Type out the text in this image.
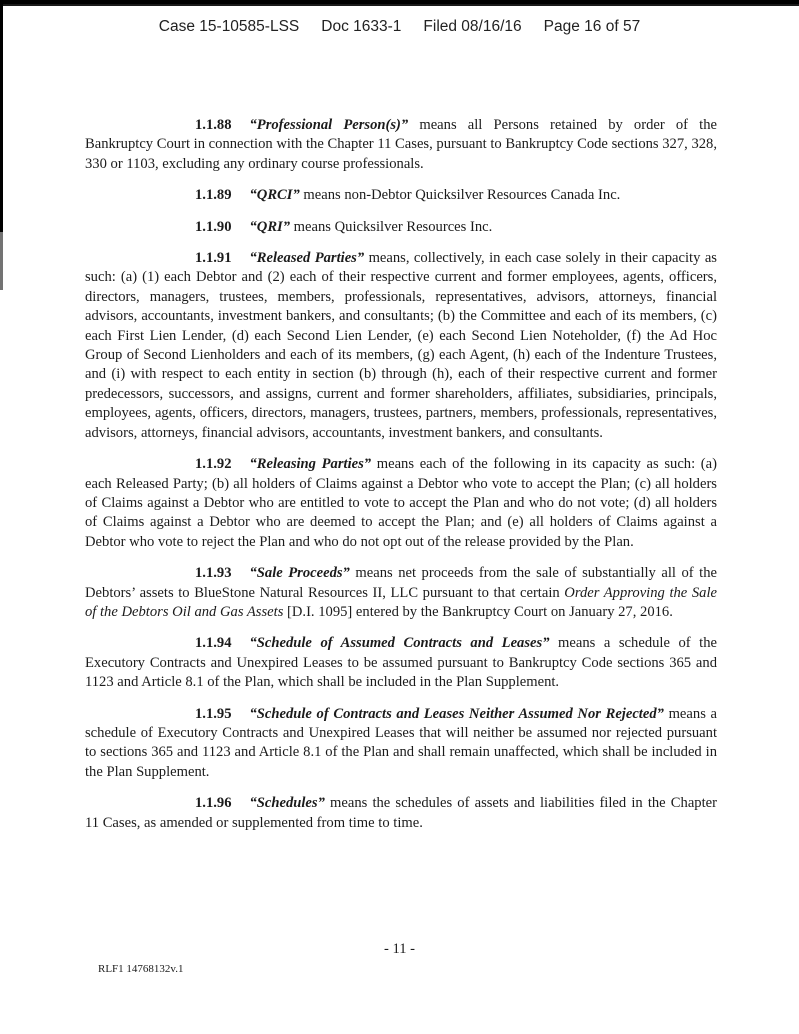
Case 15-10585-LSS Doc 1633-1 Filed 08/16/16 Page 16 of 57

1.1.88 “Professional Person(s)” means all Persons retained by order of the Bankruptcy Court in connection with the Chapter 11 Cases, pursuant to Bankruptcy Code sections 327, 328, 330 or 1103, excluding any ordinary course professionals.

1.1.89 “QRCI” means non-Debtor Quicksilver Resources Canada Inc.

1.1.90 “QRI” means Quicksilver Resources Inc.

1.1.91 “Released Parties” means, collectively, in each case solely in their capacity as such: (a) (1) each Debtor and (2) each of their respective current and former employees, agents, officers, directors, managers, trustees, members, professionals, representatives, advisors, attorneys, financial advisors, accountants, investment bankers, and consultants; (b) the Committee and each of its members, (c) each First Lien Lender, (d) each Second Lien Lender, (e) each Second Lien Noteholder, (f) the Ad Hoc Group of Second Lienholders and each of its members, (g) each Agent, (h) each of the Indenture Trustees, and (i) with respect to each entity in section (b) through (h), each of their respective current and former predecessors, successors, and assigns, current and former shareholders, affiliates, subsidiaries, principals, employees, agents, officers, directors, managers, trustees, partners, members, professionals, representatives, advisors, attorneys, financial advisors, accountants, investment bankers, and consultants.

1.1.92 “Releasing Parties” means each of the following in its capacity as such: (a) each Released Party; (b) all holders of Claims against a Debtor who vote to accept the Plan; (c) all holders of Claims against a Debtor who are entitled to vote to accept the Plan and who do not vote; (d) all holders of Claims against a Debtor who are deemed to accept the Plan; and (e) all holders of Claims against a Debtor who vote to reject the Plan and who do not opt out of the release provided by the Plan.

1.1.93 “Sale Proceeds” means net proceeds from the sale of substantially all of the Debtors’ assets to BlueStone Natural Resources II, LLC pursuant to that certain Order Approving the Sale of the Debtors Oil and Gas Assets [D.I. 1095] entered by the Bankruptcy Court on January 27, 2016.

1.1.94 “Schedule of Assumed Contracts and Leases” means a schedule of the Executory Contracts and Unexpired Leases to be assumed pursuant to Bankruptcy Code sections 365 and 1123 and Article 8.1 of the Plan, which shall be included in the Plan Supplement.

1.1.95 “Schedule of Contracts and Leases Neither Assumed Nor Rejected” means a schedule of Executory Contracts and Unexpired Leases that will neither be assumed nor rejected pursuant to sections 365 and 1123 and Article 8.1 of the Plan and shall remain unaffected, which shall be included in the Plan Supplement.

1.1.96 “Schedules” means the schedules of assets and liabilities filed in the Chapter 11 Cases, as amended or supplemented from time to time.

- 11 -
RLF1 14768132v.1
